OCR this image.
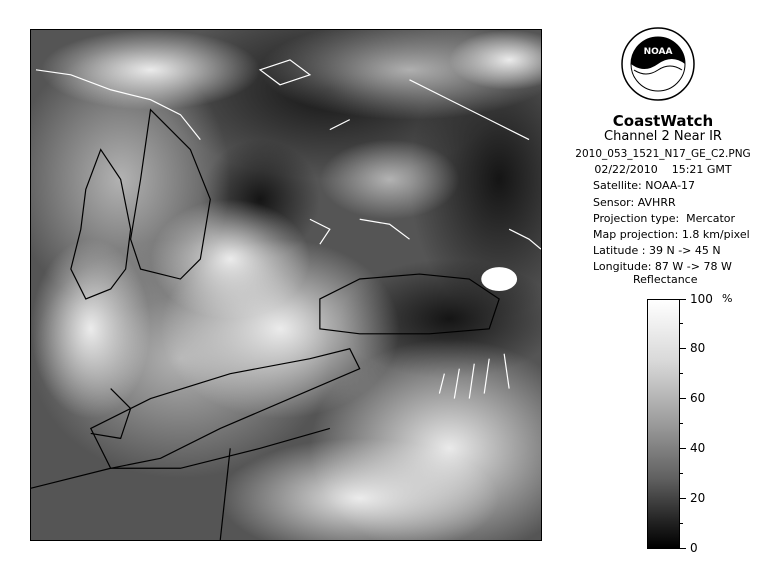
NOAA
CoastWatch
Channel 2 Near IR
2010_053_1521_N17_GE_C2.PNG
02/22/2010    15:21 GMT
Satellite: NOAA-17
Sensor: AVHRR
Projection type:  Mercator
Map projection: 1.8 km/pixel
Latitude : 39 N -> 45 N
Longitude: 87 W -> 78 W
Reflectance
%
100
80
60
40
20
0
